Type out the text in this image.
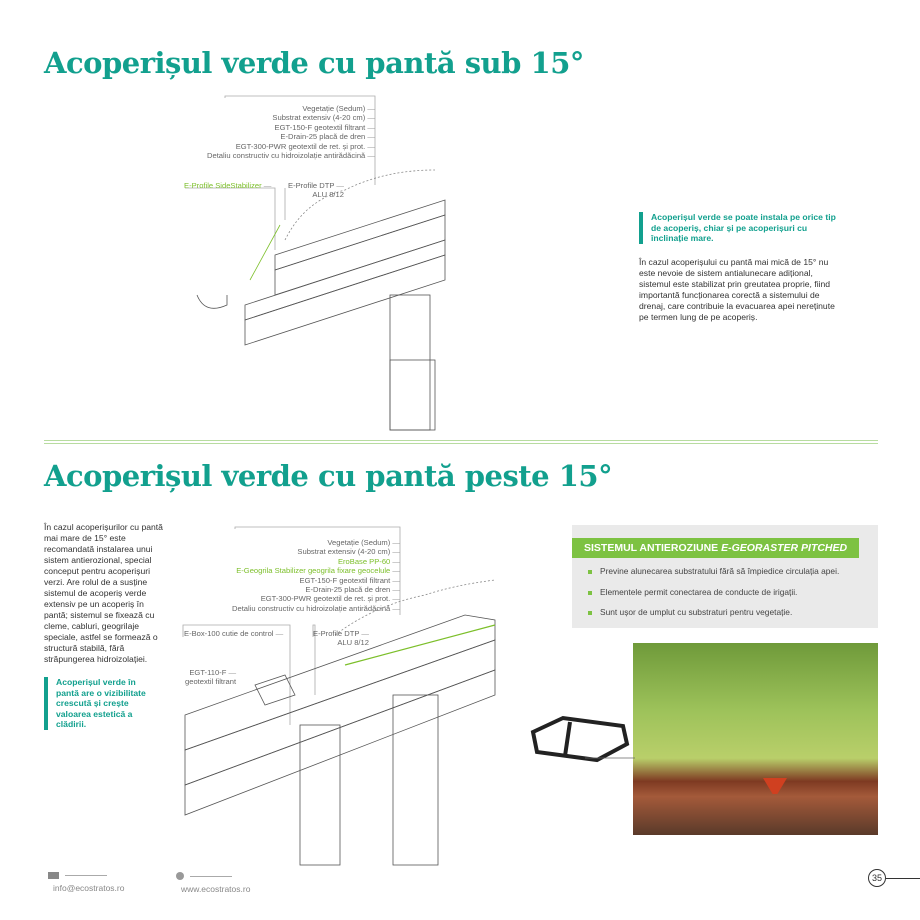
Acoperișul verde cu pantă sub 15°
Vegetație (Sedum) —
Substrat extensiv (4-20 cm) —
EGT-150-F geotextil filtrant —
E-Drain-25 placă de dren —
EGT-300-PWR geotextil de ret. și prot. —
Detaliu constructiv cu hidroizolație antirădăcină —
E-Profile SideStabilizer —	E-Profile DTP —
ALU 8/12
Acoperișul verde se poate instala pe orice tip de acoperiș, chiar și pe acoperișuri cu înclinație mare.
În cazul acoperișului cu pantă mai mică de 15° nu este nevoie de sistem antialunecare adițional, sistemul este stabilizat prin greutatea proprie, fiind importantă funcționarea corectă a sistemului de drenaj, care contribuie la evacuarea apei nereținute pe termen lung de pe acoperiș.
Acoperișul verde cu pantă peste 15°
În cazul acoperișurilor cu pantă mai mare de 15° este recomandată instalarea unui sistem antierozional, special conceput pentru acoperișuri verzi. Are rolul de a susține sistemul de acoperiș verde extensiv pe un acoperiș în pantă; sistemul se fixează cu cleme, cabluri, geogrilaje speciale, astfel se formează o structură stabilă, fără străpungerea hidroizolației.
Acoperișul verde în pantă are o vizibilitate crescută și crește valoarea estetică a clădirii.
Vegetație (Sedum) —
Substrat extensiv (4-20 cm) —
EroBase PP-60 —
E-Geogrila Stabilizer geogrila fixare geocelule —
EGT-150-F geotextil filtrant —
E-Drain-25 placă de dren —
EGT-300-PWR geotextil de ret. și prot. —
Detaliu constructiv cu hidroizolație antirădăcină —
E-Box-100 cutie de control —	E-Profile DTP —
ALU 8/12
EGT-110-F —
geotextil filtrant
SISTEMUL ANTIEROZIUNE E-GEORASTER PITCHED
Previne alunecarea substratului fără să împiedice circulația apei.
Elementele permit conectarea de conducte de irigații.
Sunt ușor de umplut cu substraturi pentru vegetație.
info@ecostratos.ro	www.ecostratos.ro
35
